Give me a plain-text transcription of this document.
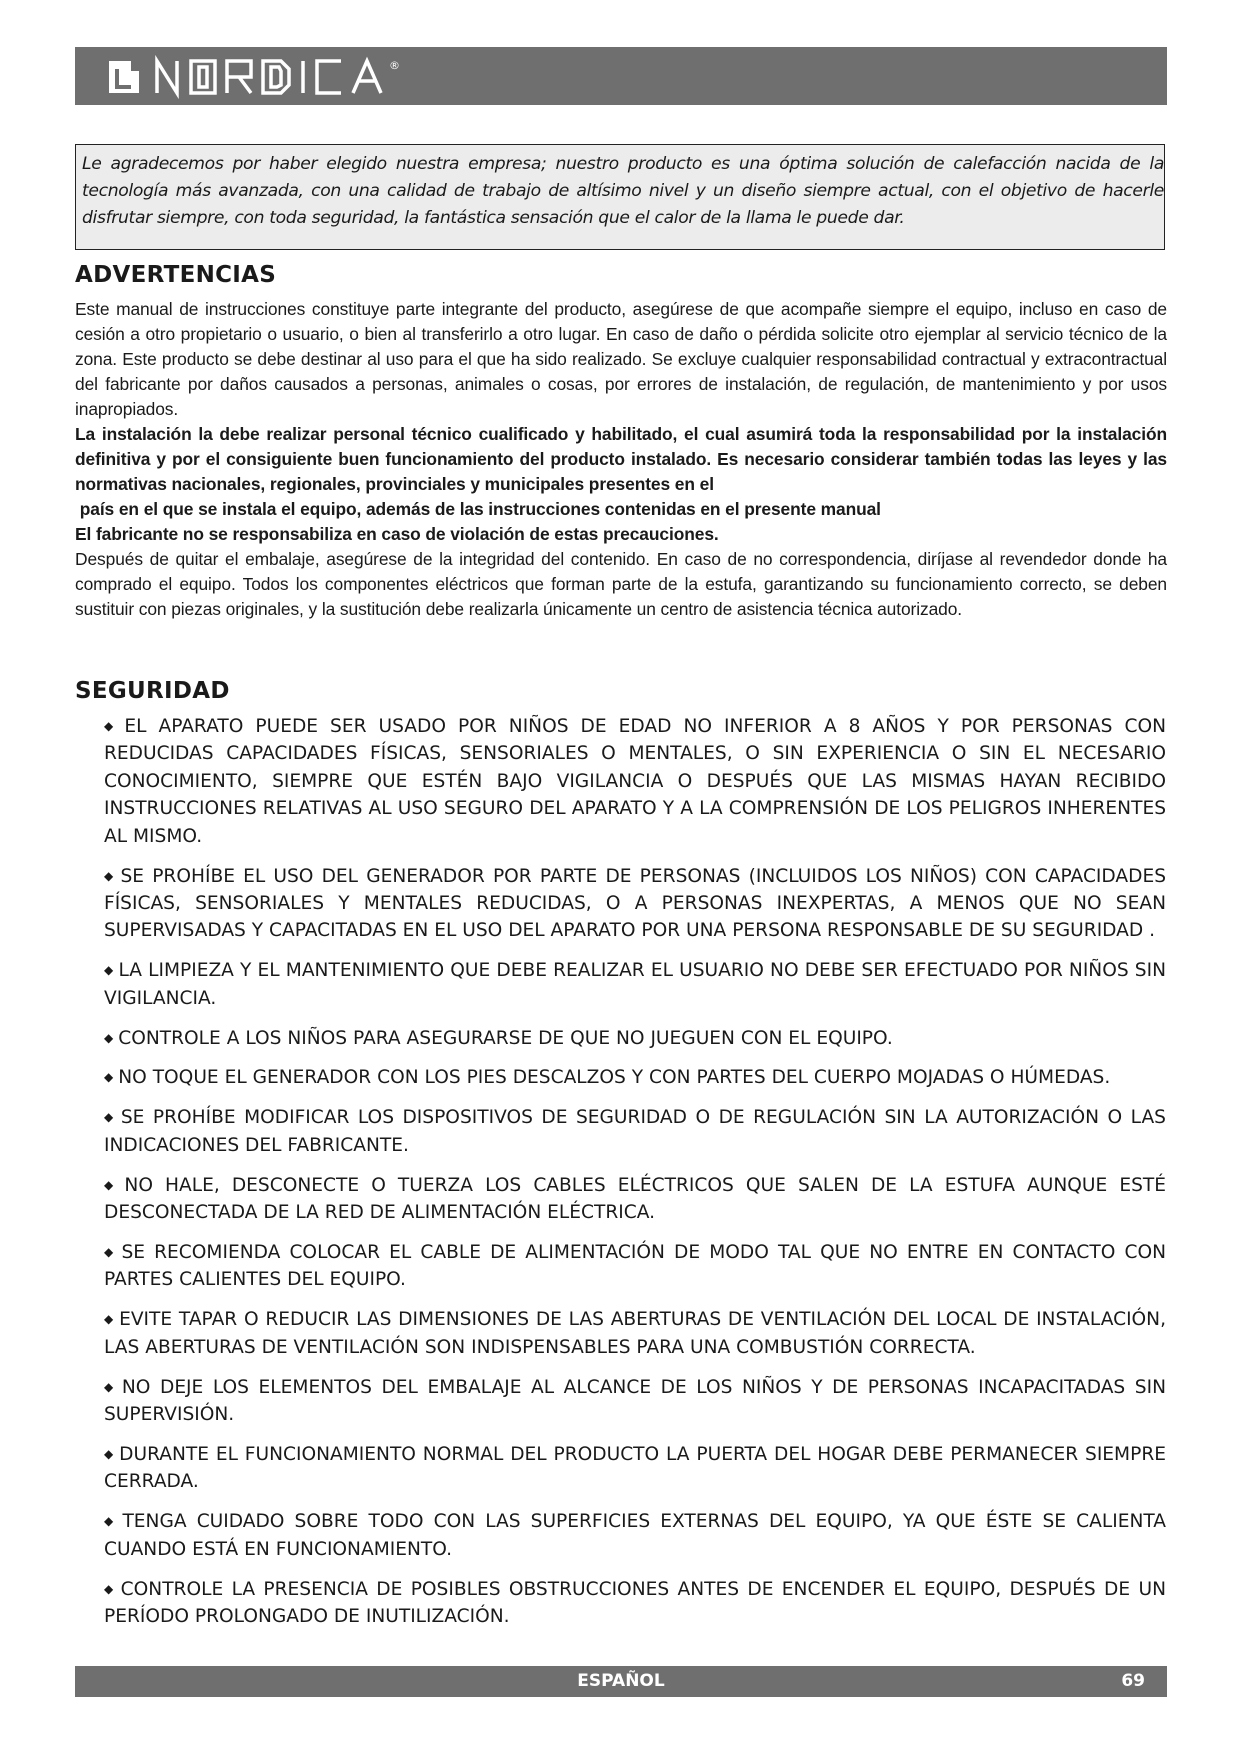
®
Le agradecemos por haber elegido nuestra empresa; nuestro producto es una óptima solución de calefacción nacida de la tecnología más avanzada, con una calidad de trabajo de altísimo nivel y un diseño siempre actual, con el objetivo de hacerle disfrutar siempre, con toda seguridad, la fantástica sensación que el calor de la llama le puede dar.
ADVERTENCIAS

Este manual de instrucciones constituye parte integrante del producto, asegúrese de que acompañe siempre el equipo, incluso en caso de cesión a otro propietario o usuario, o bien al transferirlo a otro lugar. En caso de daño o pérdida solicite otro ejemplar al servicio técnico de la zona. Este producto se debe destinar al uso para el que ha sido realizado. Se excluye cualquier responsabilidad contractual y extracontractual del fabricante por daños causados a personas, animales o cosas, por errores de instalación, de regulación, de mantenimiento y por usos inapropiados.

La instalación la debe realizar personal técnico cualificado y habilitado, el cual asumirá toda la responsabilidad por la instalación definitiva y por el consiguiente buen funcionamiento del producto instalado. Es necesario considerar también todas las leyes y las normativas nacionales, regionales, provinciales y municipales presentes en el

país en el que se instala el equipo, además de las instrucciones contenidas en el presente manual

El fabricante no se responsabiliza en caso de violación de estas precauciones.

Después de quitar el embalaje, asegúrese de la integridad del contenido. En caso de no correspondencia, diríjase al revendedor donde ha comprado el equipo. Todos los componentes eléctricos que forman parte de la estufa, garantizando su funcionamiento correcto, se deben sustituir con piezas originales, y la sustitución debe realizarla únicamente un centro de asistencia técnica autorizado.

SEGURIDAD

◆ EL APARATO PUEDE SER USADO POR NIÑOS DE EDAD NO INFERIOR A 8 AÑOS Y POR PERSONAS CON REDUCIDAS CAPACIDADES FÍSICAS, SENSORIALES O MENTALES, O SIN EXPERIENCIA O SIN EL NECESARIO CONOCIMIENTO, SIEMPRE QUE ESTÉN BAJO VIGILANCIA O DESPUÉS QUE LAS MISMAS HAYAN RECIBIDO INSTRUCCIONES RELATIVAS AL USO SEGURO DEL APARATO Y A LA COMPRENSIÓN DE LOS PELIGROS INHERENTES AL MISMO.

◆ SE PROHÍBE EL USO DEL GENERADOR POR PARTE DE PERSONAS (INCLUIDOS LOS NIÑOS) CON CAPACIDADES FÍSICAS, SENSORIALES Y MENTALES REDUCIDAS, O A PERSONAS INEXPERTAS, A MENOS QUE NO SEAN SUPERVISADAS Y CAPACITADAS EN EL USO DEL APARATO POR UNA PERSONA RESPONSABLE DE SU SEGURIDAD .

◆ LA LIMPIEZA Y EL MANTENIMIENTO QUE DEBE REALIZAR EL USUARIO NO DEBE SER EFECTUADO POR NIÑOS SIN VIGILANCIA.

◆ CONTROLE A LOS NIÑOS PARA ASEGURARSE DE QUE NO JUEGUEN CON EL EQUIPO.

◆ NO TOQUE EL GENERADOR CON LOS PIES DESCALZOS Y CON PARTES DEL CUERPO MOJADAS O HÚMEDAS.

◆ SE PROHÍBE MODIFICAR LOS DISPOSITIVOS DE SEGURIDAD O DE REGULACIÓN SIN LA AUTORIZACIÓN O LAS INDICACIONES DEL FABRICANTE.

◆ NO HALE, DESCONECTE O TUERZA LOS CABLES ELÉCTRICOS QUE SALEN DE LA ESTUFA AUNQUE ESTÉ DESCONECTADA DE LA RED DE ALIMENTACIÓN ELÉCTRICA.

◆ SE RECOMIENDA COLOCAR EL CABLE DE ALIMENTACIÓN DE MODO TAL QUE NO ENTRE EN CONTACTO CON PARTES CALIENTES DEL EQUIPO.

◆ EVITE TAPAR O REDUCIR LAS DIMENSIONES DE LAS ABERTURAS DE VENTILACIÓN DEL LOCAL DE INSTALACIÓN, LAS ABERTURAS DE VENTILACIÓN SON INDISPENSABLES PARA UNA COMBUSTIÓN CORRECTA.

◆ NO DEJE LOS ELEMENTOS DEL EMBALAJE AL ALCANCE DE LOS NIÑOS Y DE PERSONAS INCAPACITADAS SIN SUPERVISIÓN.

◆ DURANTE EL FUNCIONAMIENTO NORMAL DEL PRODUCTO LA PUERTA DEL HOGAR DEBE PERMANECER SIEMPRE CERRADA.

◆ TENGA CUIDADO SOBRE TODO CON LAS SUPERFICIES EXTERNAS DEL EQUIPO, YA QUE ÉSTE SE CALIENTA CUANDO ESTÁ EN FUNCIONAMIENTO.

◆ CONTROLE LA PRESENCIA DE POSIBLES OBSTRUCCIONES ANTES DE ENCENDER EL EQUIPO, DESPUÉS DE UN PERÍODO PROLONGADO DE INUTILIZACIÓN.

ESPAÑOL	69
